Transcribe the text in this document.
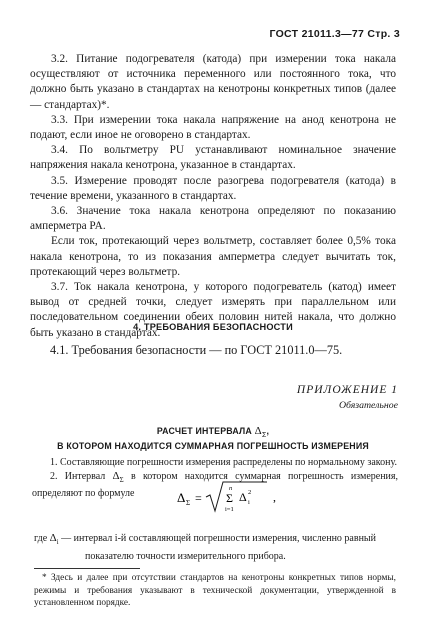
ГОСТ 21011.3—77 Стр. 3

3.2. Питание подогревателя (катода) при измерении тока накала осуществляют от источника переменного или постоянного тока, что должно быть указано в стандартах на кенотроны конкретных типов (далее — стандартах)*.

3.3. При измерении тока накала напряжение на анод кенотрона не подают, если иное не оговорено в стандартах.

3.4. По вольтметру PU устанавливают номинальное значение напряжения накала кенотрона, указанное в стандартах.

3.5. Измерение проводят после разогрева подогревателя (катода) в течение времени, указанного в стандартах.

3.6. Значение тока накала кенотрона определяют по показанию амперметра PA.

Если ток, протекающий через вольтметр, составляет более 0,5% тока накала кенотрона, то из показания амперметра следует вычитать ток, протекающий через вольтметр.

3.7. Ток накала кенотрона, у которого подогреватель (катод) имеет вывод от средней точки, следует измерять при параллельном или последовательном соединении обеих половин нитей накала, что должно быть указано в стандартах.

4. ТРЕБОВАНИЯ БЕЗОПАСНОСТИ
4.1. Требования безопасности — по ГОСТ 21011.0—75.
ПРИЛОЖЕНИЕ 1
Обязательное
РАСЧЕТ ИНТЕРВАЛА $\Delta_\Sigma$,
В КОТОРОМ НАХОДИТСЯ СУММАРНАЯ ПОГРЕШНОСТЬ ИЗМЕРЕНИЯ

1. Составляющие погрешности измерения распределены по нормальному закону.

2. Интервал $\Delta_\Sigma$ в котором находится суммарная погрешность измерения, определяют по формуле	Δ Σ =
n
Σ
i=1
Δ i
2 ,
где $\Delta_i$ — интервал i-й составляющей погрешности измерения, численно равный
показателю точности измерительного прибора.

* Здесь и далее при отсутствии стандартов на кенотроны конкретных типов нормы, режимы и требования указывают в технической документации, утвержденной в установленном порядке.
